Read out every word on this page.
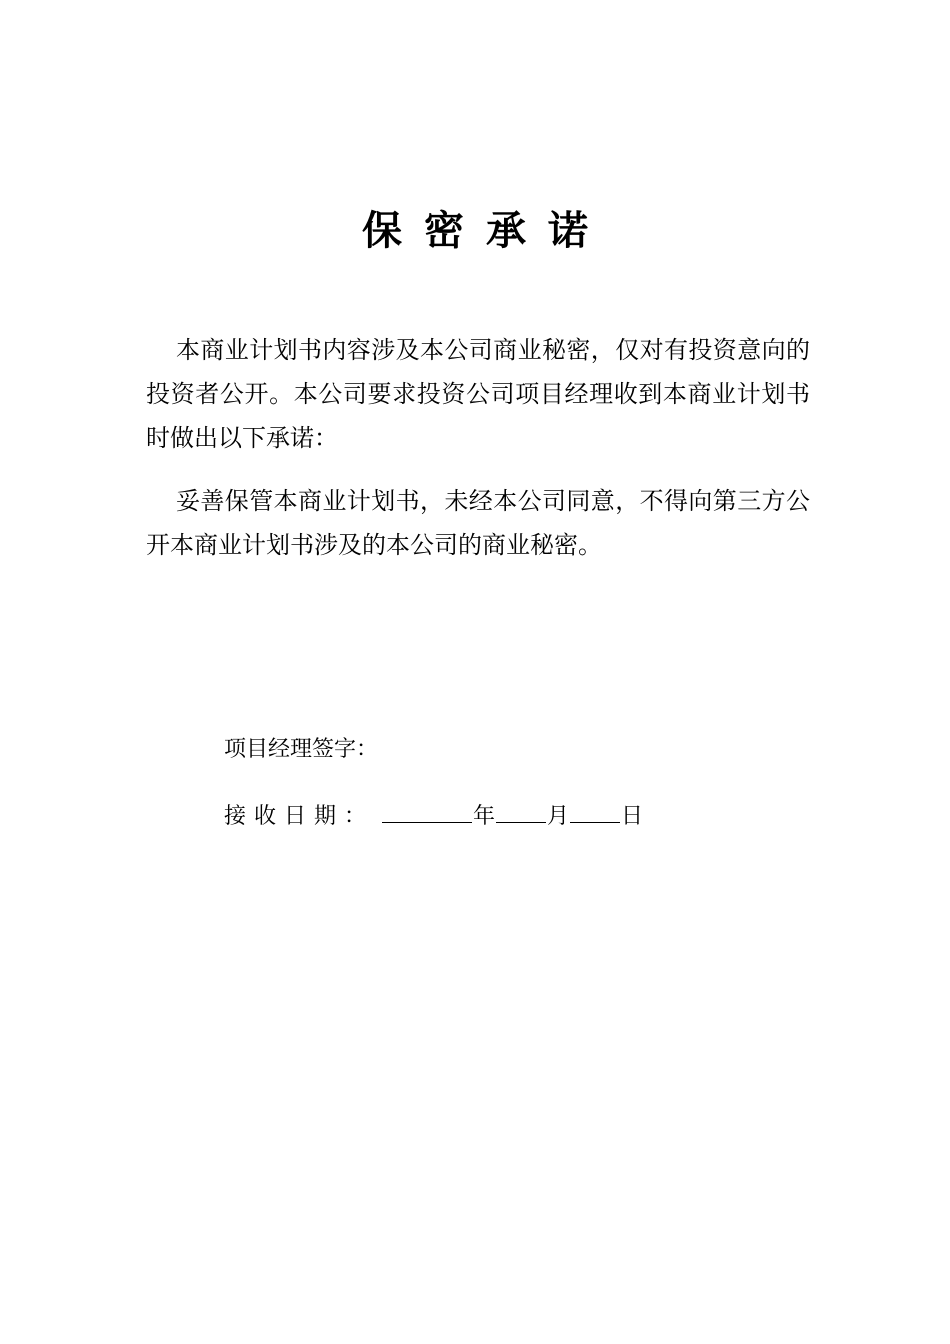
保密承诺

本商业计划书内容涉及本公司商业秘密，仅对有投资意向的投资者公开。本公司要求投资公司项目经理收到本商业计划书时做出以下承诺：

妥善保管本商业计划书，未经本公司同意，不得向第三方公开本商业计划书涉及的本公司的商业秘密。

项目经理签字：
接收日期：	年 月 日
